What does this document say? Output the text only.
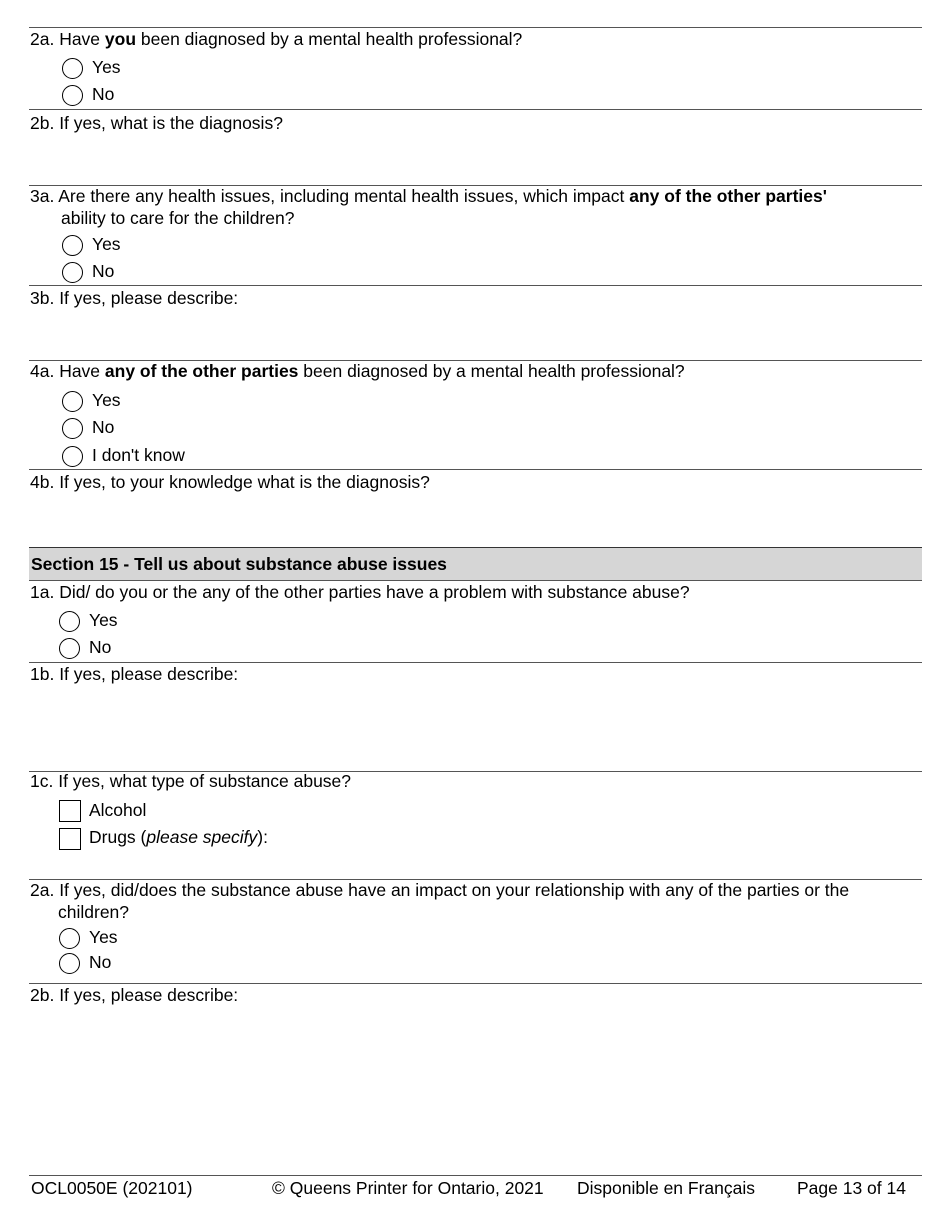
2a. Have you been diagnosed by a mental health professional?
Yes
No
2b. If yes, what is the diagnosis?
3a. Are there any health issues, including mental health issues, which impact any of the other parties'
ability to care for the children?
Yes
No
3b. If yes, please describe:
4a. Have any of the other parties been diagnosed by a mental health professional?
Yes
No
I don't know
4b. If yes, to your knowledge what is the diagnosis?
Section 15 - Tell us about substance abuse issues
1a. Did/ do you or the any of the other parties have a problem with substance abuse?
Yes
No
1b. If yes, please describe:
1c. If yes, what type of substance abuse?
Alcohol
Drugs (please specify):
2a. If yes, did/does the substance abuse have an impact on your relationship with any of the parties or the
children?
Yes
No
2b. If yes, please describe:
OCL0050E (202101)	© Queens Printer for Ontario, 2021 Disponible en Français Page 13 of 14
